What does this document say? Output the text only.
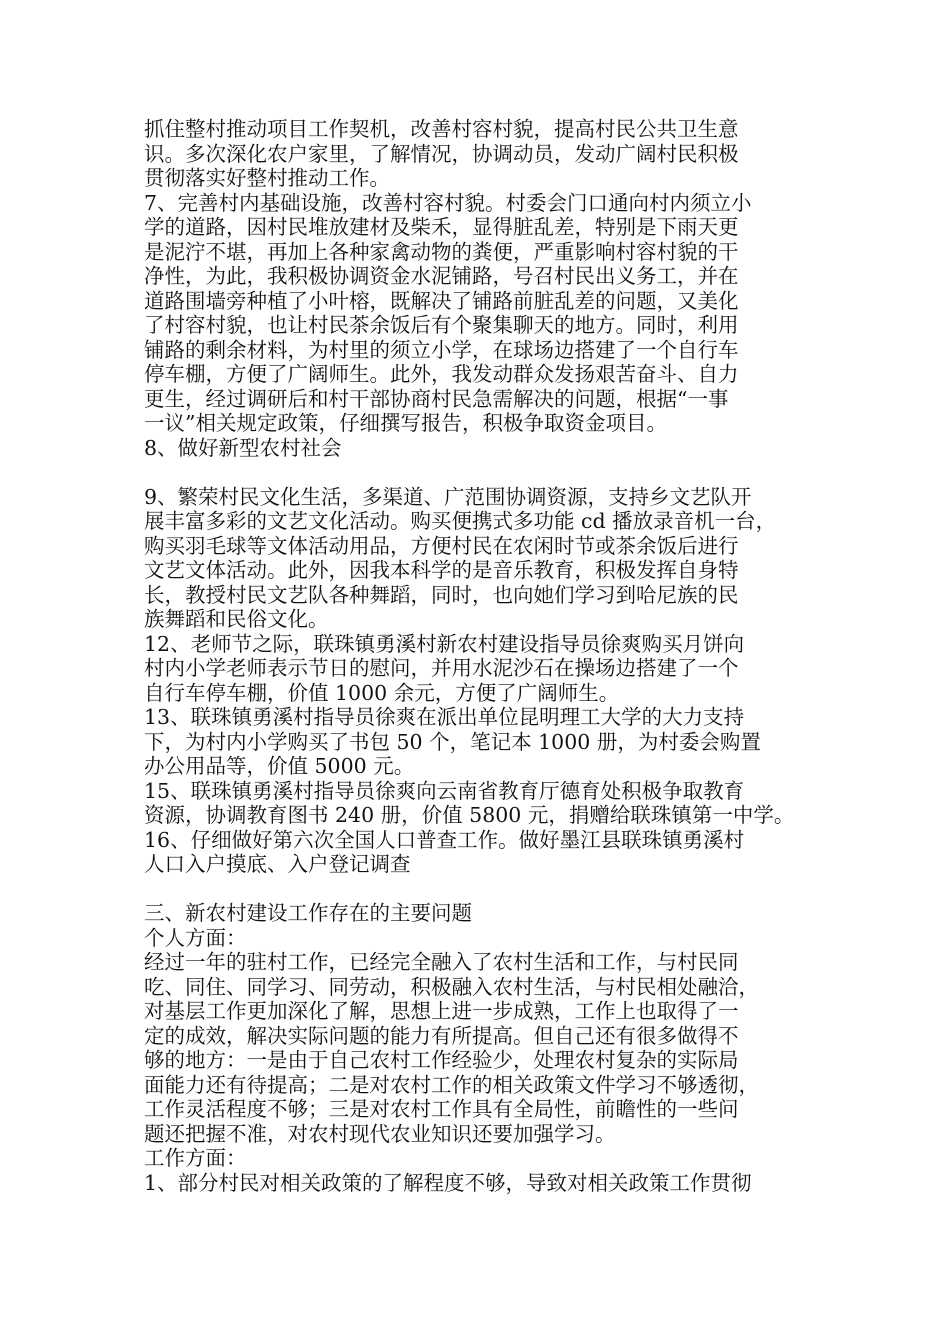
抓住整村推动项目工作契机，改善村容村貌，提高村民公共卫生意
识。多次深化农户家里，了解情况，协调动员，发动广阔村民积极
贯彻落实好整村推动工作。
7、完善村内基础设施，改善村容村貌。村委会门口通向村内须立小
学的道路，因村民堆放建材及柴禾，显得脏乱差，特别是下雨天更
是泥泞不堪，再加上各种家禽动物的粪便，严重影响村容村貌的干
净性，为此，我积极协调资金水泥铺路，号召村民出义务工，并在
道路围墙旁种植了小叶榕，既解决了铺路前脏乱差的问题，又美化
了村容村貌，也让村民茶余饭后有个聚集聊天的地方。同时，利用
铺路的剩余材料，为村里的须立小学，在球场边搭建了一个自行车
停车棚，方便了广阔师生。此外，我发动群众发扬艰苦奋斗、自力
更生，经过调研后和村干部协商村民急需解决的问题，根据“一事
一议”相关规定政策，仔细撰写报告，积极争取资金项目。
8、做好新型农村社会
9、繁荣村民文化生活，多渠道、广范围协调资源，支持乡文艺队开
展丰富多彩的文艺文化活动。购买便携式多功能 cd 播放录音机一台，
购买羽毛球等文体活动用品，方便村民在农闲时节或茶余饭后进行
文艺文体活动。此外，因我本科学的是音乐教育，积极发挥自身特
长，教授村民文艺队各种舞蹈，同时，也向她们学习到哈尼族的民
族舞蹈和民俗文化。
12、老师节之际，联珠镇勇溪村新农村建设指导员徐爽购买月饼向
村内小学老师表示节日的慰问，并用水泥沙石在操场边搭建了一个
自行车停车棚，价值 1000 余元，方便了广阔师生。
13、联珠镇勇溪村指导员徐爽在派出单位昆明理工大学的大力支持
下，为村内小学购买了书包 50 个，笔记本 1000 册，为村委会购置
办公用品等，价值 5000 元。
15、联珠镇勇溪村指导员徐爽向云南省教育厅德育处积极争取教育
资源，协调教育图书 240 册，价值 5800 元，捐赠给联珠镇第一中学。
16、仔细做好第六次全国人口普查工作。做好墨江县联珠镇勇溪村
人口入户摸底、入户登记调查
三、新农村建设工作存在的主要问题
个人方面：
经过一年的驻村工作，已经完全融入了农村生活和工作，与村民同
吃、同住、同学习、同劳动，积极融入农村生活，与村民相处融洽，
对基层工作更加深化了解，思想上进一步成熟，工作上也取得了一
定的成效，解决实际问题的能力有所提高。但自己还有很多做得不
够的地方：一是由于自己农村工作经验少，处理农村复杂的实际局
面能力还有待提高；二是对农村工作的相关政策文件学习不够透彻，
工作灵活程度不够；三是对农村工作具有全局性，前瞻性的一些问
题还把握不准，对农村现代农业知识还要加强学习。
工作方面：
1、部分村民对相关政策的了解程度不够，导致对相关政策工作贯彻
